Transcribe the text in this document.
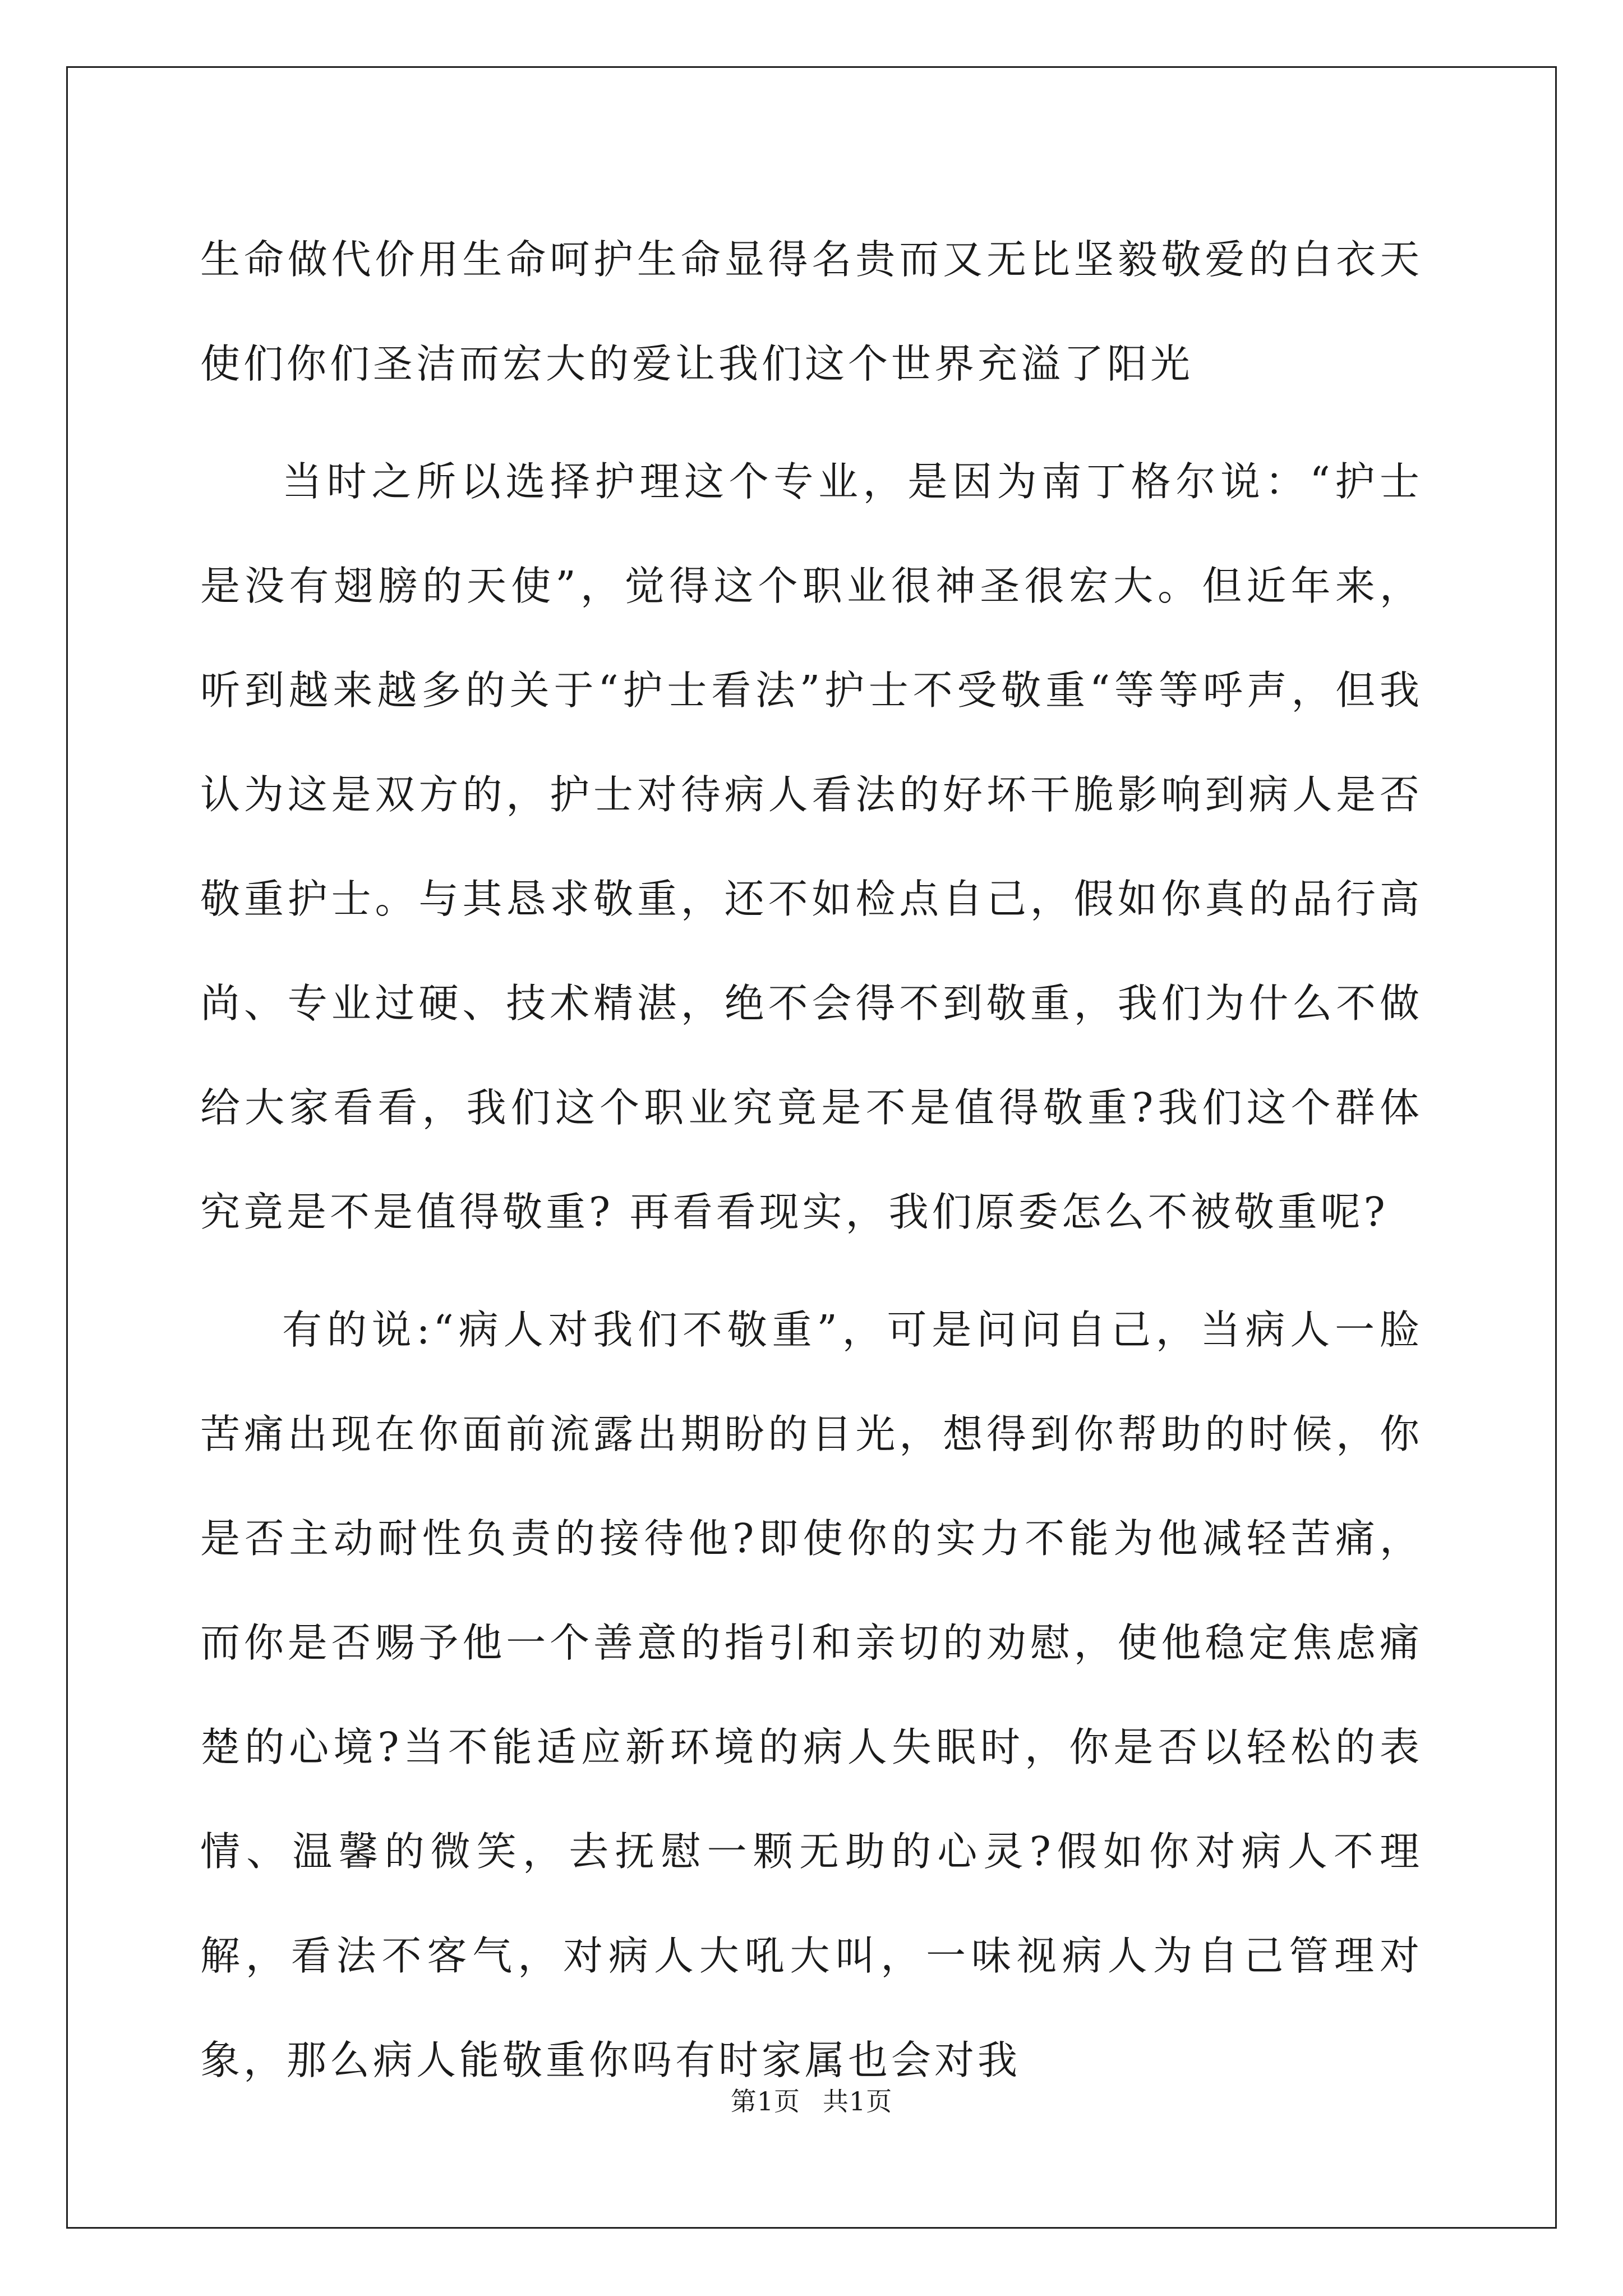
生命做代价用生命呵护生命显得名贵而又无比坚毅敬爱的白衣天使们你们圣洁而宏大的爱让我们这个世界充溢了阳光

当时之所以选择护理这个专业，是因为南丁格尔说：“护士是没有翅膀的天使”，觉得这个职业很神圣很宏大。但近年来，听到越来越多的关于“护士看法”护士不受敬重“等等呼声，但我认为这是双方的，护士对待病人看法的好坏干脆影响到病人是否敬重护士。与其恳求敬重，还不如检点自己，假如你真的品行高尚、专业过硬、技术精湛，绝不会得不到敬重，我们为什么不做给大家看看，我们这个职业究竟是不是值得敬重?我们这个群体究竟是不是值得敬重? 再看看现实，我们原委怎么不被敬重呢?

有的说:“病人对我们不敬重”，可是问问自己，当病人一脸苦痛出现在你面前流露出期盼的目光，想得到你帮助的时候，你是否主动耐性负责的接待他?即使你的实力不能为他减轻苦痛，而你是否赐予他一个善意的指引和亲切的劝慰，使他稳定焦虑痛楚的心境?当不能适应新环境的病人失眠时，你是否以轻松的表情、温馨的微笑，去抚慰一颗无助的心灵?假如你对病人不理解，看法不客气，对病人大吼大叫，一味视病人为自己管理对象，那么病人能敬重你吗有时家属也会对我

第1页 共1页
